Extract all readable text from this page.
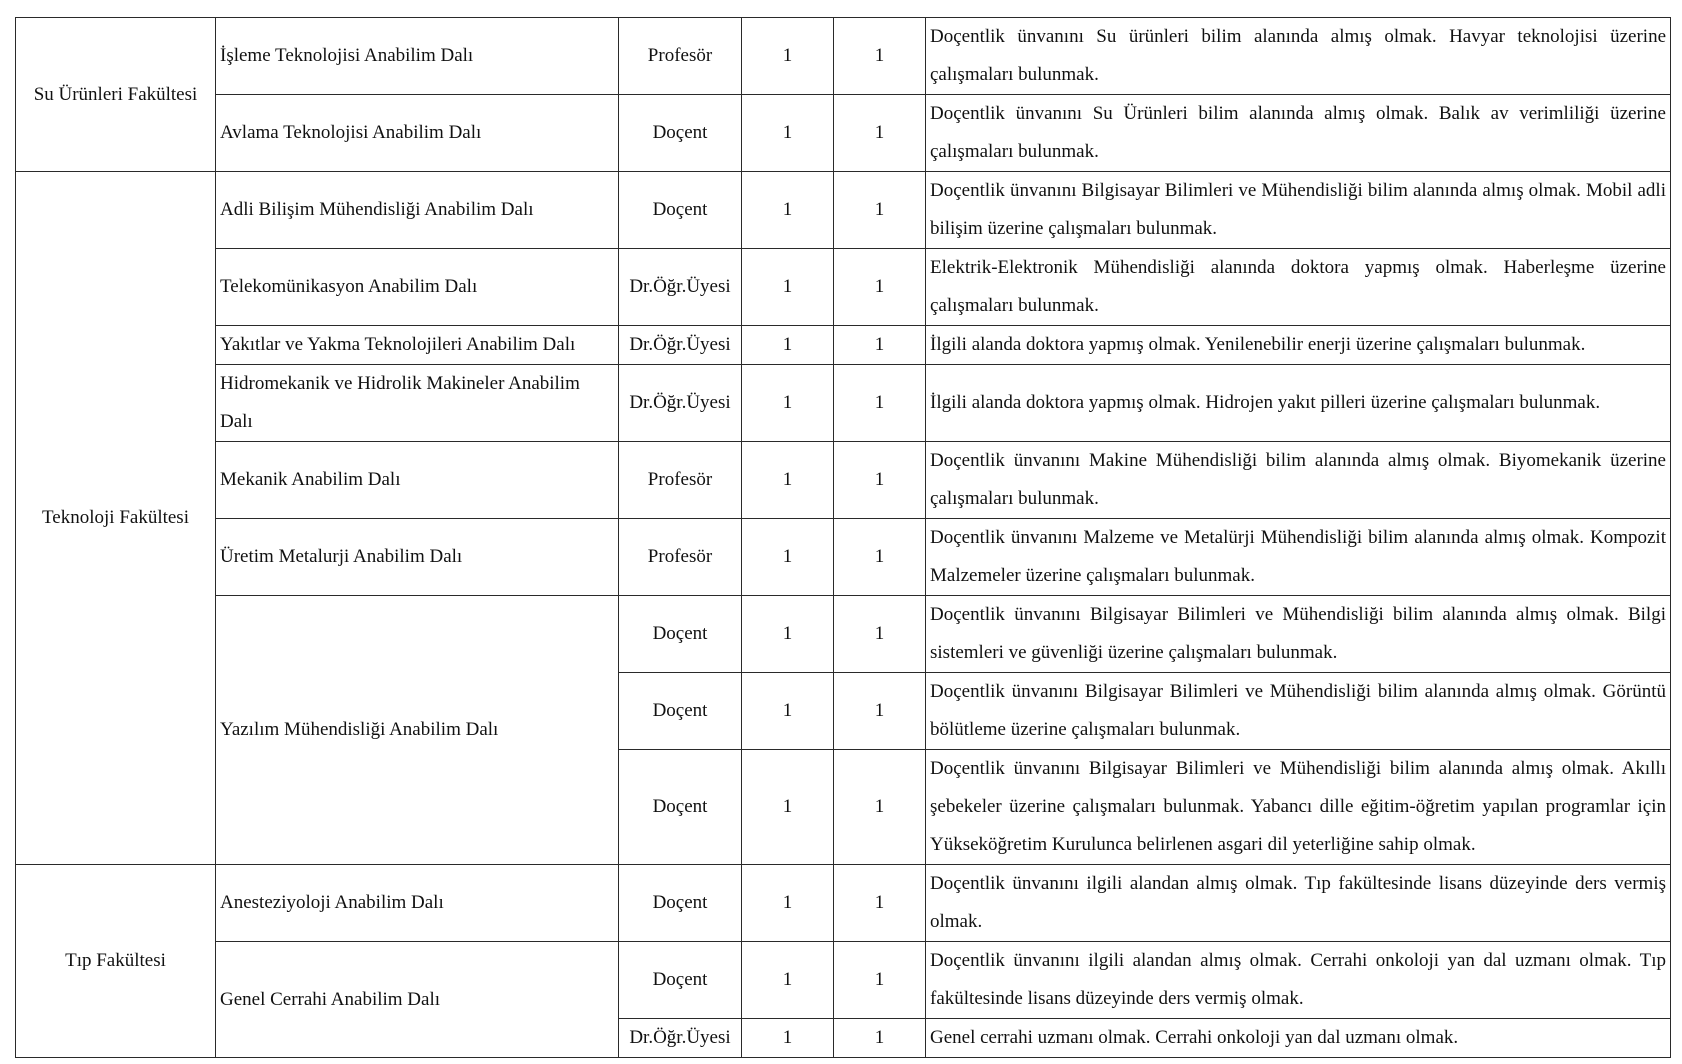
Su Ürünleri Fakültesi	İşleme Teknolojisi Anabilim Dalı	Profesör	1	1	Doçentlik ünvanını Su ürünleri bilim alanında almış olmak. Havyar teknolojisi üzerine çalışmaları bulunmak.
	Avlama Teknolojisi Anabilim Dalı	Doçent	1	1	Doçentlik ünvanını Su Ürünleri bilim alanında almış olmak. Balık av verimliliği üzerine çalışmaları bulunmak.
Teknoloji Fakültesi	Adli Bilişim Mühendisliği Anabilim Dalı	Doçent	1	1	Doçentlik ünvanını Bilgisayar Bilimleri ve Mühendisliği bilim alanında almış olmak. Mobil adli bilişim üzerine çalışmaları bulunmak.
	Telekomünikasyon Anabilim Dalı	Dr.Öğr.Üyesi	1	1	Elektrik-Elektronik Mühendisliği alanında doktora yapmış olmak. Haberleşme üzerine çalışmaları bulunmak.
	Yakıtlar ve Yakma Teknolojileri Anabilim Dalı	Dr.Öğr.Üyesi	1	1	İlgili alanda doktora yapmış olmak. Yenilenebilir enerji üzerine çalışmaları bulunmak.
	Hidromekanik ve Hidrolik Makineler Anabilim Dalı	Dr.Öğr.Üyesi	1	1	İlgili alanda doktora yapmış olmak. Hidrojen yakıt pilleri üzerine çalışmaları bulunmak.
	Mekanik Anabilim Dalı	Profesör	1	1	Doçentlik ünvanını Makine Mühendisliği bilim alanında almış olmak. Biyomekanik üzerine çalışmaları bulunmak.
	Üretim Metalurji Anabilim Dalı	Profesör	1	1	Doçentlik ünvanını Malzeme ve Metalürji Mühendisliği bilim alanında almış olmak. Kompozit Malzemeler üzerine çalışmaları bulunmak.
	Yazılım Mühendisliği Anabilim Dalı	Doçent	1	1	Doçentlik ünvanını Bilgisayar Bilimleri ve Mühendisliği bilim alanında almış olmak. Bilgi sistemleri ve güvenliği üzerine çalışmaları bulunmak.
		Doçent	1	1	Doçentlik ünvanını Bilgisayar Bilimleri ve Mühendisliği bilim alanında almış olmak. Görüntü bölütleme üzerine çalışmaları bulunmak.
		Doçent	1	1	Doçentlik ünvanını Bilgisayar Bilimleri ve Mühendisliği bilim alanında almış olmak. Akıllı şebekeler üzerine çalışmaları bulunmak. Yabancı dille eğitim-öğretim yapılan programlar için Yükseköğretim Kurulunca belirlenen asgari dil yeterliğine sahip olmak.
Tıp Fakültesi	Anesteziyoloji Anabilim Dalı	Doçent	1	1	Doçentlik ünvanını ilgili alandan almış olmak. Tıp fakültesinde lisans düzeyinde ders vermiş olmak.
	Genel Cerrahi Anabilim Dalı	Doçent	1	1	Doçentlik ünvanını ilgili alandan almış olmak. Cerrahi onkoloji yan dal uzmanı olmak. Tıp fakültesinde lisans düzeyinde ders vermiş olmak.
		Dr.Öğr.Üyesi	1	1	Genel cerrahi uzmanı olmak. Cerrahi onkoloji yan dal uzmanı olmak.
